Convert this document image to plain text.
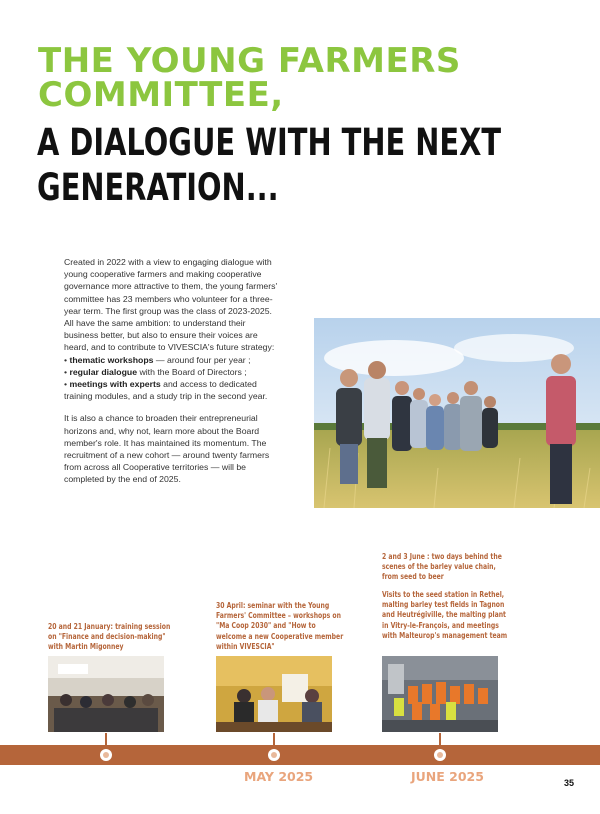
THE YOUNG FARMERS
COMMITTEE,
A DIALOGUE WITH THE NEXT
GENERATION...

Created in 2022 with a view to engaging dialogue with young cooperative farmers and making cooperative governance more attractive to them, the young farmers' committee has 23 members who volunteer for a three-year term. The first group was the class of 2023-2025.

All have the same ambition: to understand their business better, but also to ensure their voices are heard, and to contribute to VIVESCIA's future strategy:

• thematic workshops — around four per year ;

• regular dialogue with the Board of Directors ;

• meetings with experts and access to dedicated training modules, and a study trip in the second year.

It is also a chance to broaden their entrepreneurial horizons and, why not, learn more about the Board member's role. It has maintained its momentum. The recruitment of a new cohort — around twenty farmers from across all Cooperative territories — will be completed by the end of 2025.

20 and 21 January: training session on "Finance and decision-making" with Martin Migonney
30 April: seminar with the Young Farmers' Committee – workshops on "Ma Coop 2030" and "How to welcome a new Cooperative member within VIVESCIA"
2 and 3 June : two days behind the scenes of the barley value chain, from seed to beer
Visits to the seed station in Rethel, malting barley test fields in Tagnon and Heutrégiville, the malting plant in Vitry-le-François, and meetings with Malteurop's management team
MAY 2025	JUNE 2025	35
